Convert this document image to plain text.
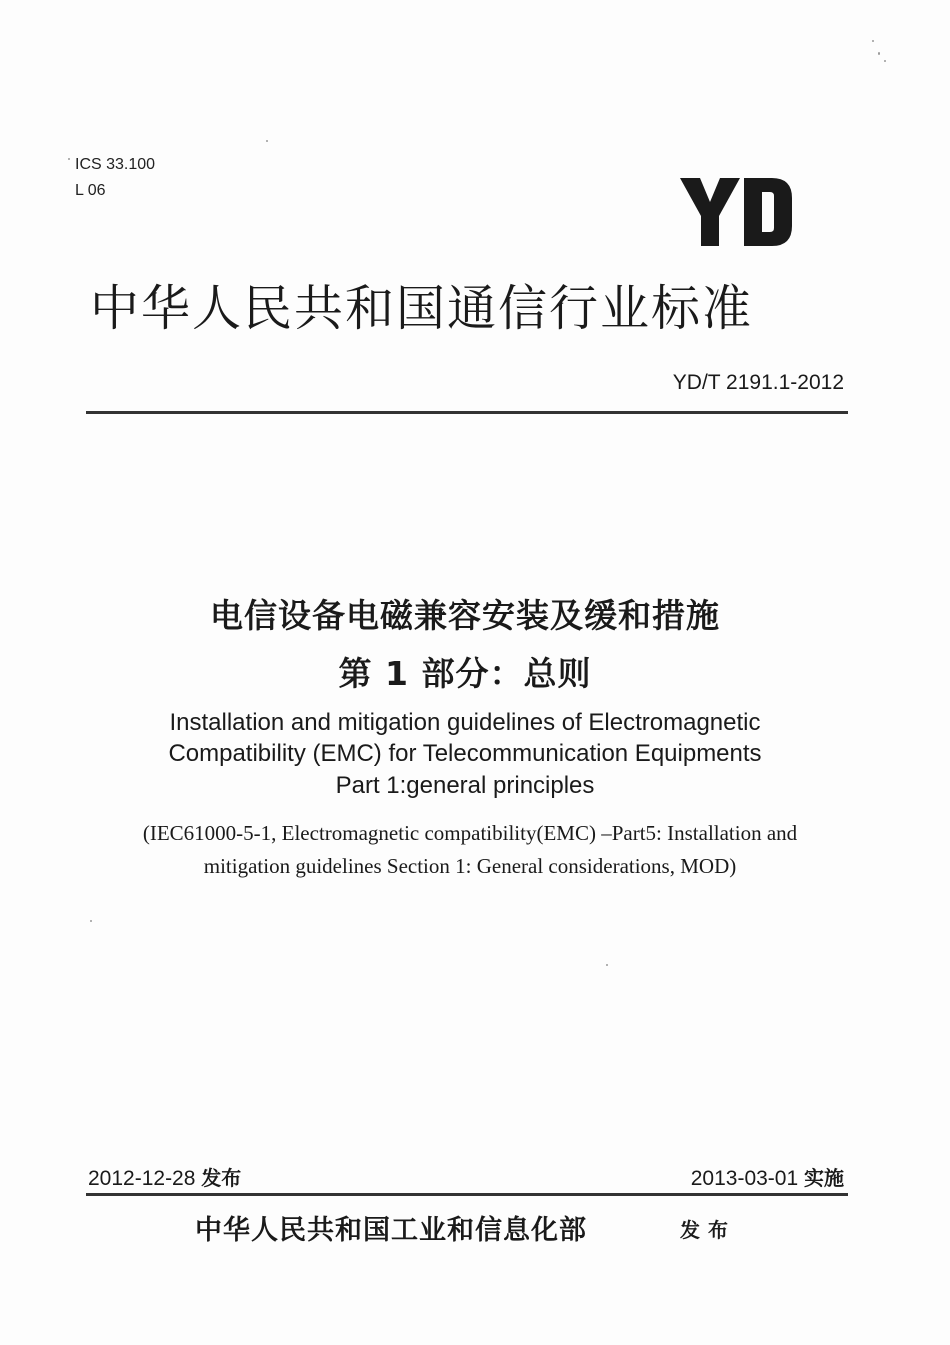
ICS 33.100
L 06
中华人民共和国通信行业标准
YD/T 2191.1-2012
电信设备电磁兼容安装及缓和措施
第 1 部分：总则
Installation and mitigation guidelines of Electromagnetic
Compatibility (EMC) for Telecommunication Equipments
Part 1:general principles
(IEC61000-5-1, Electromagnetic compatibility(EMC) –Part5: Installation and
mitigation guidelines Section 1: General considerations, MOD)
2012-12-28 发布	2013-03-01 实施
中华人民共和国工业和信息化部	发布
